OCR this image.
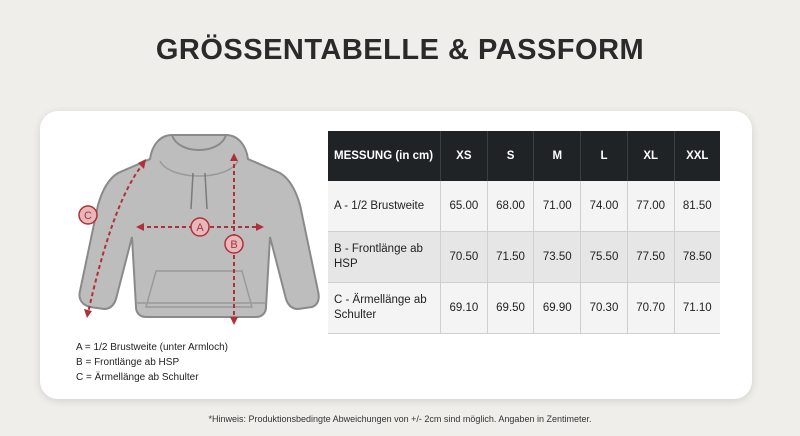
GRÖSSENTABELLE & PASSFORM
A
B
C
A = 1/2 Brustweite (unter Armloch)
B = Frontlänge ab HSP
C = Ärmellänge ab Schulter
MESSUNG (in cm)	XS	S	M	L	XL	XXL
A - 1/2 Brustweite	65.00	68.00	71.00	74.00	77.00	81.50
B - Frontlänge ab HSP	70.50	71.50	73.50	75.50	77.50	78.50
C - Ärmellänge ab Schulter	69.10	69.50	69.90	70.30	70.70	71.10
*Hinweis: Produktionsbedingte Abweichungen von +/- 2cm sind möglich. Angaben in Zentimeter.
